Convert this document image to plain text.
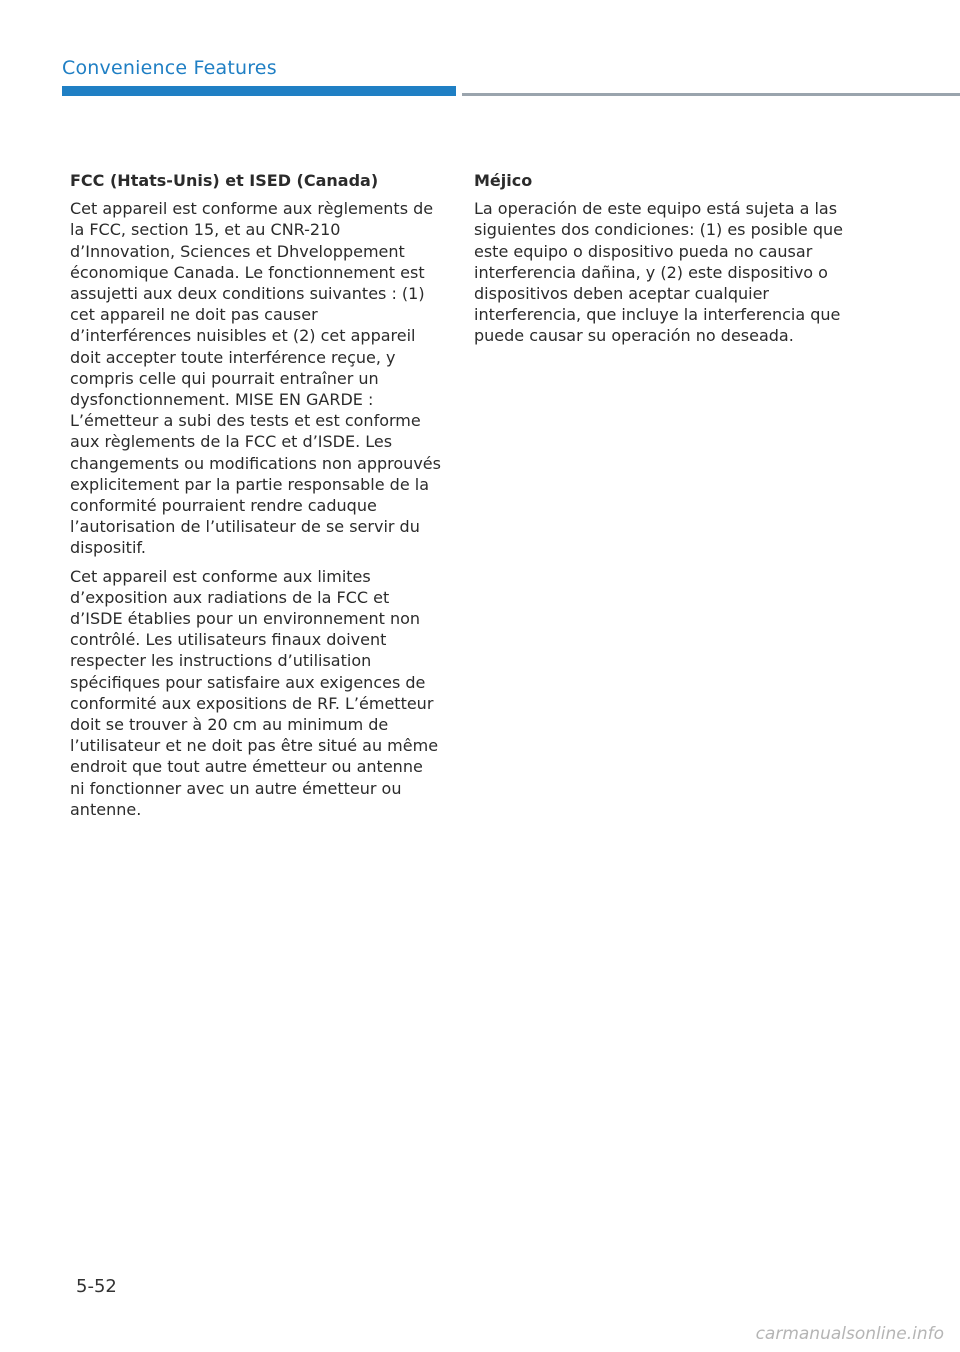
Convenience Features
FCC (Htats-Unis) et ISED (Canada)

Cet appareil est conforme aux règlements de la FCC, section 15, et au CNR-210 d’Innovation, Sciences et Dhveloppement économique Canada. Le fonctionnement est assujetti aux deux conditions suivantes : (1) cet appareil ne doit pas causer d’interférences nuisibles et (2) cet appareil doit accepter toute interférence reçue, y compris celle qui pourrait entraîner un dysfonctionnement. MISE EN GARDE : L’émetteur a subi des tests et est conforme aux règlements de la FCC et d’ISDE. Les changements ou modifications non approuvés explicitement par la partie responsable de la conformité pourraient rendre caduque l’autorisation de l’utilisateur de se servir du dispositif.

Cet appareil est conforme aux limites d’exposition aux radiations de la FCC et d’ISDE établies pour un environnement non contrôlé. Les utilisateurs finaux doivent respecter les instructions d’utilisation spécifiques pour satisfaire aux exigences de conformité aux expositions de RF. L’émetteur doit se trouver à 20 cm au minimum de l’utilisateur et ne doit pas être situé au même endroit que tout autre émetteur ou antenne ni fonctionner avec un autre émetteur ou antenne.

Méjico

La operación de este equipo está sujeta a las siguientes dos condiciones: (1) es posible que este equipo o dispositivo pueda no causar interferencia dañina, y (2) este dispositivo o dispositivos deben aceptar cualquier interferencia, que incluye la interferencia que puede causar su operación no deseada.

5-52
carmanualsonline.info
